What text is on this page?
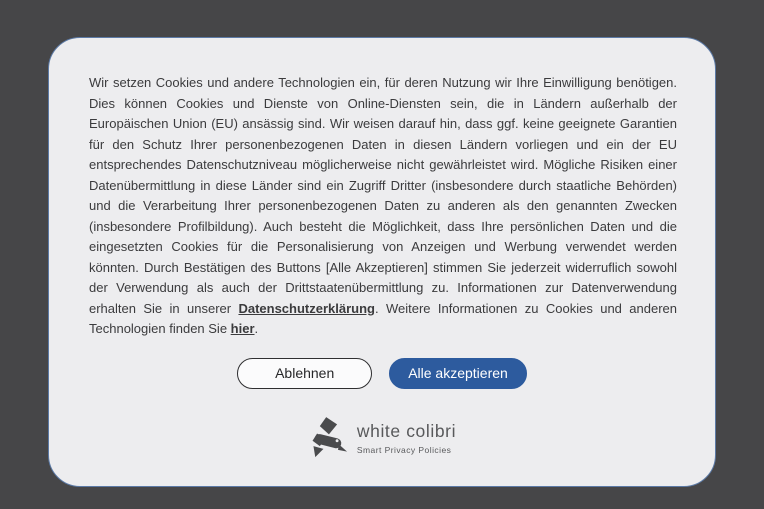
Wir setzen Cookies und andere Technologien ein, für deren Nutzung wir Ihre Einwilligung benötigen. Dies können Cookies und Dienste von Online-Diensten sein, die in Ländern außerhalb der Europäischen Union (EU) ansässig sind. Wir weisen darauf hin, dass ggf. keine geeignete Garantien für den Schutz Ihrer personenbezogenen Daten in diesen Ländern vorliegen und ein der EU entsprechendes Datenschutzniveau möglicherweise nicht gewährleistet wird. Mögliche Risiken einer Datenübermittlung in diese Länder sind ein Zugriff Dritter (insbesondere durch staatliche Behörden) und die Verarbeitung Ihrer personenbezogenen Daten zu anderen als den genannten Zwecken (insbesondere Profilbildung). Auch besteht die Möglichkeit, dass Ihre persönlichen Daten und die eingesetzten Cookies für die Personalisierung von Anzeigen und Werbung verwendet werden könnten. Durch Bestätigen des Buttons [Alle Akzeptieren] stimmen Sie jederzeit widerruflich sowohl der Verwendung als auch der Drittstaatenübermittlung zu. Informationen zur Datenverwendung erhalten Sie in unserer Datenschutzerklärung. Weitere Informationen zu Cookies und anderen Technologien finden Sie hier.

Ablehnen	Alle akzeptieren
white colibri
Smart Privacy Policies
